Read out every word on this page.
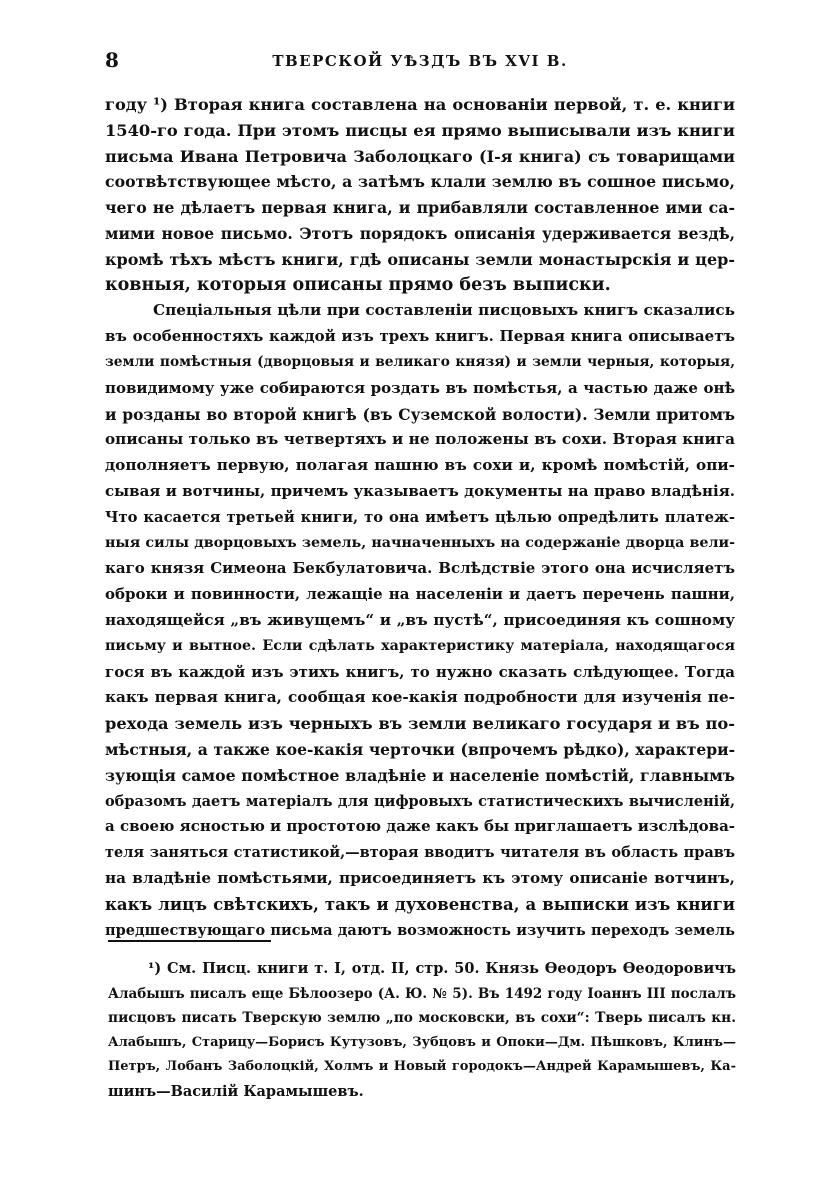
8	ТВЕРСКОЙ УѢЗДЪ ВЪ XVI В.
году ¹) Вторая книга составлена на основаніи первой, т. е. книги
1540-го года. При этомъ писцы ея прямо выписывали изъ книги
письма Ивана Петровича Заболоцкаго (I-я книга) съ товарищами
соотвѣтствующее мѣсто, а затѣмъ клали землю въ сошное письмо,
чего не дѣлаетъ первая книга, и прибавляли составленное ими са-
мими новое письмо. Этотъ порядокъ описанія удерживается вездѣ,
кромѣ тѣхъ мѣстъ книги, гдѣ описаны земли монастырскія и цер-
ковныя, которыя описаны прямо безъ выписки.
Спеціальныя цѣли при составленіи писцовыхъ книгъ сказались
въ особенностяхъ каждой изъ трехъ книгъ. Первая книга описываетъ
земли помѣстныя (дворцовыя и великаго князя) и земли черныя, которыя,
повидимому уже собираются роздать въ помѣстья, а частью даже онѣ
и розданы во второй книгѣ (въ Суземской волости). Земли притомъ
описаны только въ четвертяхъ и не положены въ сохи. Вторая книга
дополняетъ первую, полагая пашню въ сохи и, кромѣ помѣстій, опи-
сывая и вотчины, причемъ указываетъ документы на право владѣнія.
Что касается третьей книги, то она имѣетъ цѣлью опредѣлить платеж-
ныя силы дворцовыхъ земель, начначенныхъ на содержаніе дворца вели-
каго князя Симеона Бекбулатовича. Вслѣдствіе этого она исчисляетъ
оброки и повинности, лежащіе на населеніи и даетъ перечень пашни,
находящейся „въ живущемъ“ и „въ пустѣ“, присоединяя къ сошному
письму и вытное. Если сдѣлать характеристику матеріала, находящагося
гося въ каждой изъ этихъ книгъ, то нужно сказать слѣдующее. Тогда
какъ первая книга, сообщая кое-какія подробности для изученія пе-
рехода земель изъ черныхъ въ земли великаго государя и въ по-
мѣстныя, а также кое-какія черточки (впрочемъ рѣдко), характери-
зующія самое помѣстное владѣніе и населеніе помѣстій, главнымъ
образомъ даетъ матеріалъ для цифровыхъ статистическихъ вычисленій,
а своею ясностью и простотою даже какъ бы приглашаетъ изслѣдова-
теля заняться статистикой,—вторая вводитъ читателя въ область правъ
на владѣніе помѣстьями, присоединяетъ къ этому описаніе вотчинъ,
какъ лицъ свѣтскихъ, такъ и духовенства, а выписки изъ книги
предшествующаго письма даютъ возможность изучить переходъ земель
¹) См. Писц. книги т. I, отд. II, стр. 50. Князь Ѳеодоръ Ѳеодоровичъ
Алабышъ писалъ еще Бѣлоозеро (А. Ю. № 5). Въ 1492 году Іоаннъ III послалъ
писцовъ писать Тверскую землю „по московски, въ сохи“: Тверь писалъ кн.
Алабышъ, Старицу—Борисъ Кутузовъ, Зубцовъ и Опоки—Дм. Пѣшковъ, Клинъ—
Петръ, Лобанъ Заболоцкій, Холмъ и Новый городокъ—Андрей Карамышевъ, Ка-
шинъ—Василій Карамышевъ.
